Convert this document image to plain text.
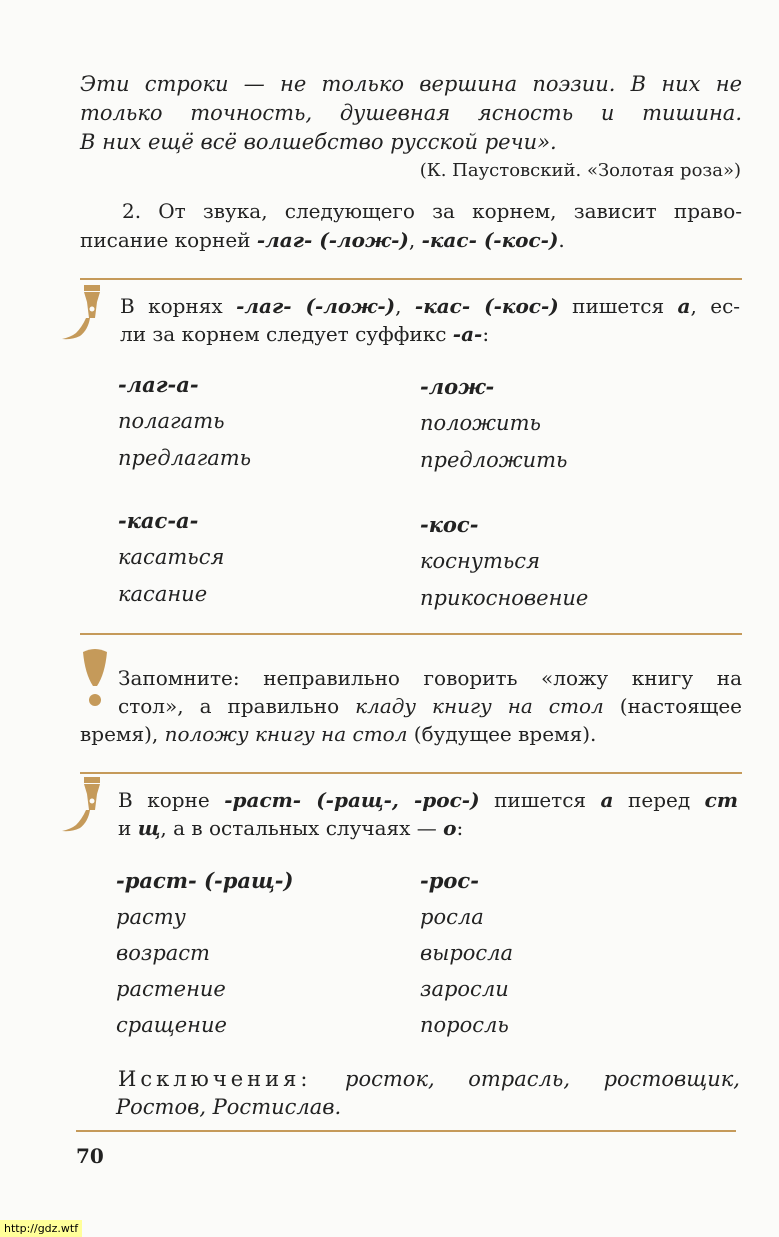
Эти строки — не только вершина поэзии. В них не

только точность, душевная ясность и тишина.

В них ещё всё волшебство русской речи».

(К. Паустовский. «Золотая роза»)
2. От звука, следующего за корнем, зависит право-
писание корней -лаг- (-лож-), -кас- (-кос-).
В корнях -лаг- (-лож-), -кас- (-кос-) пишется а, ес-
ли за корнем следует суффикс -а-:
-лаг-а-
полагать
предлагать
-лож-
положить
предложить
-кас-а-
касаться
касание
-кос-
коснуться
прикосновение
Запомните: неправильно говорить «ложу книгу на
стол», а правильно кладу книгу на стол (настоящее
время), положу книгу на стол (будущее время).
В корне -раст- (-ращ-, -рос-) пишется а перед ст
и щ, а в остальных случаях — о:
-раст- (-ращ-)
расту
возраст
растение
сращение
-рос-
росла
выросла
заросли
поросль
Исключения: росток, отрасль, ростовщик,
Ростов, Ростислав.
70
http://gdz.wtf
